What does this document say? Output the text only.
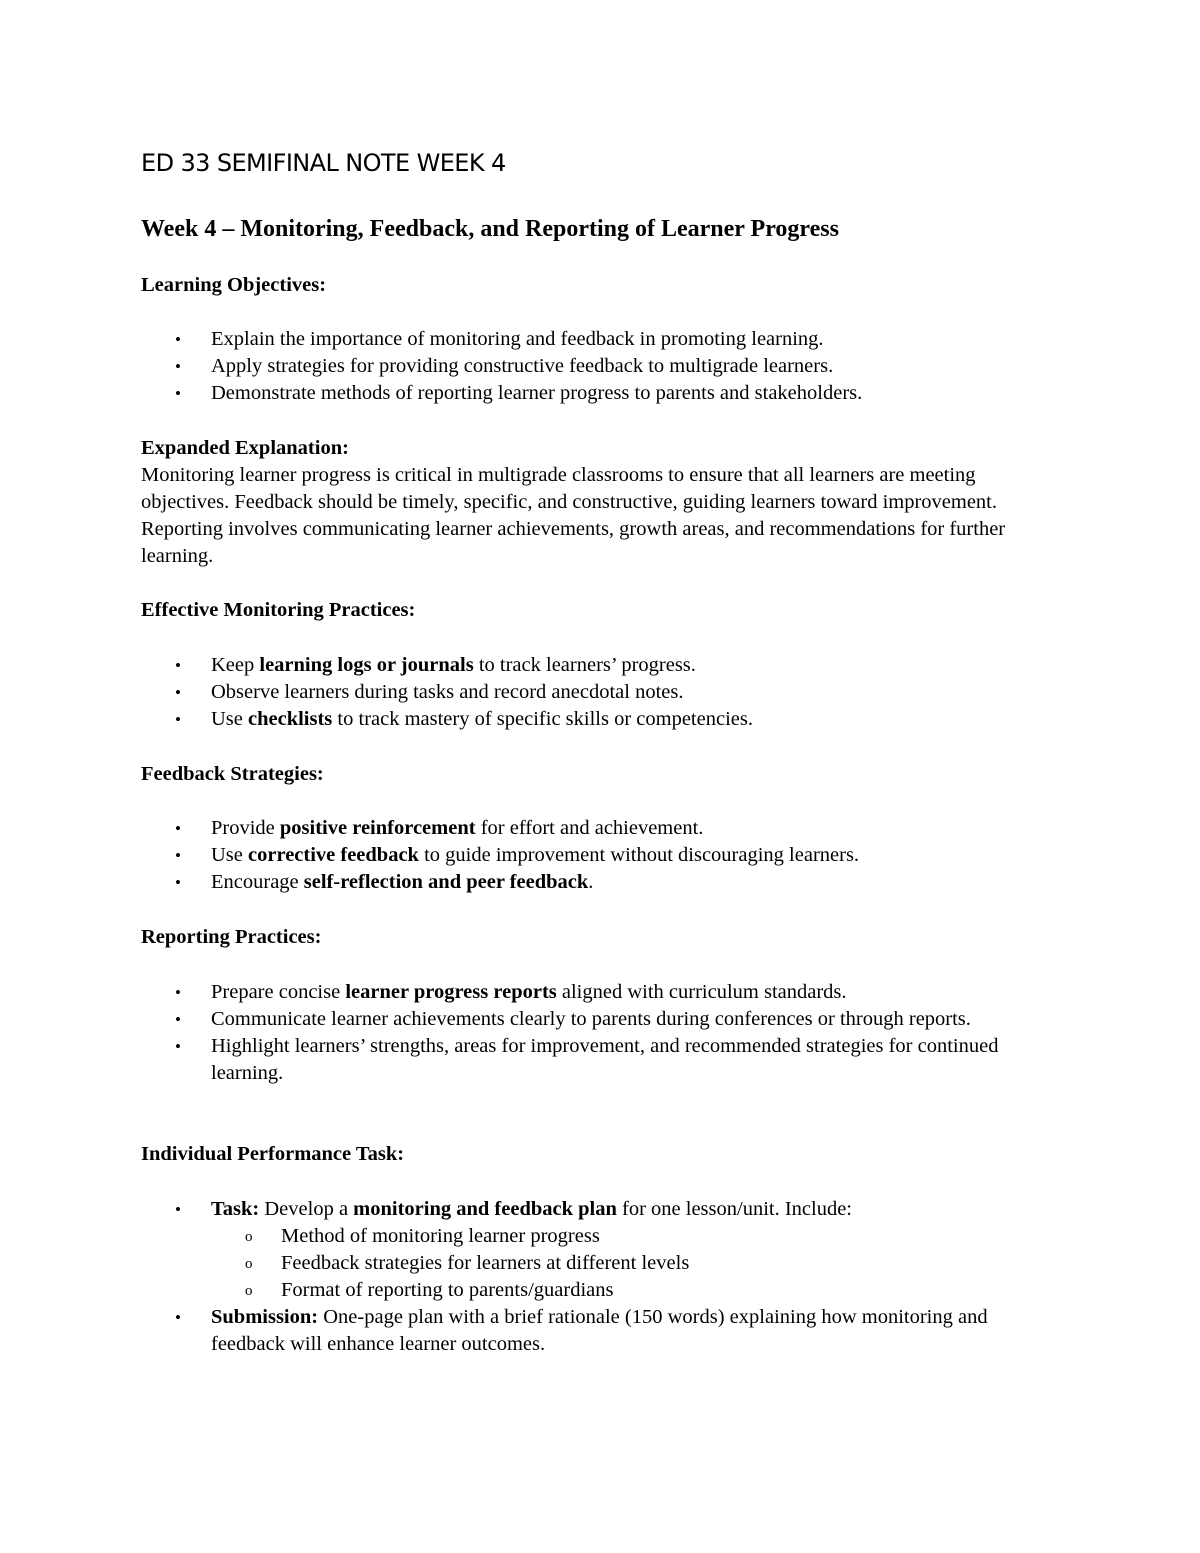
ED 33 SEMIFINAL NOTE WEEK 4
Week 4 – Monitoring, Feedback, and Reporting of Learner Progress
Learning Objectives:
• Explain the importance of monitoring and feedback in promoting learning.
• Apply strategies for providing constructive feedback to multigrade learners.
• Demonstrate methods of reporting learner progress to parents and stakeholders.
Expanded Explanation:

Monitoring learner progress is critical in multigrade classrooms to ensure that all learners are meeting objectives. Feedback should be timely, specific, and constructive, guiding learners toward improvement. Reporting involves communicating learner achievements, growth areas, and recommendations for further learning.

Effective Monitoring Practices:
• Keep learning logs or journals to track learners’ progress.
• Observe learners during tasks and record anecdotal notes.
• Use checklists to track mastery of specific skills or competencies.
Feedback Strategies:
• Provide positive reinforcement for effort and achievement.
• Use corrective feedback to guide improvement without discouraging learners.
• Encourage self-reflection and peer feedback.
Reporting Practices:
• Prepare concise learner progress reports aligned with curriculum standards.
• Communicate learner achievements clearly to parents during conferences or through reports.
• Highlight learners’ strengths, areas for improvement, and recommended strategies for continued learning.
Individual Performance Task:
• Task: Develop a monitoring and feedback plan for one lesson/unit. Include:
o Method of monitoring learner progress
o Feedback strategies for learners at different levels
o Format of reporting to parents/guardians
• Submission: One-page plan with a brief rationale (150 words) explaining how monitoring and feedback will enhance learner outcomes.
